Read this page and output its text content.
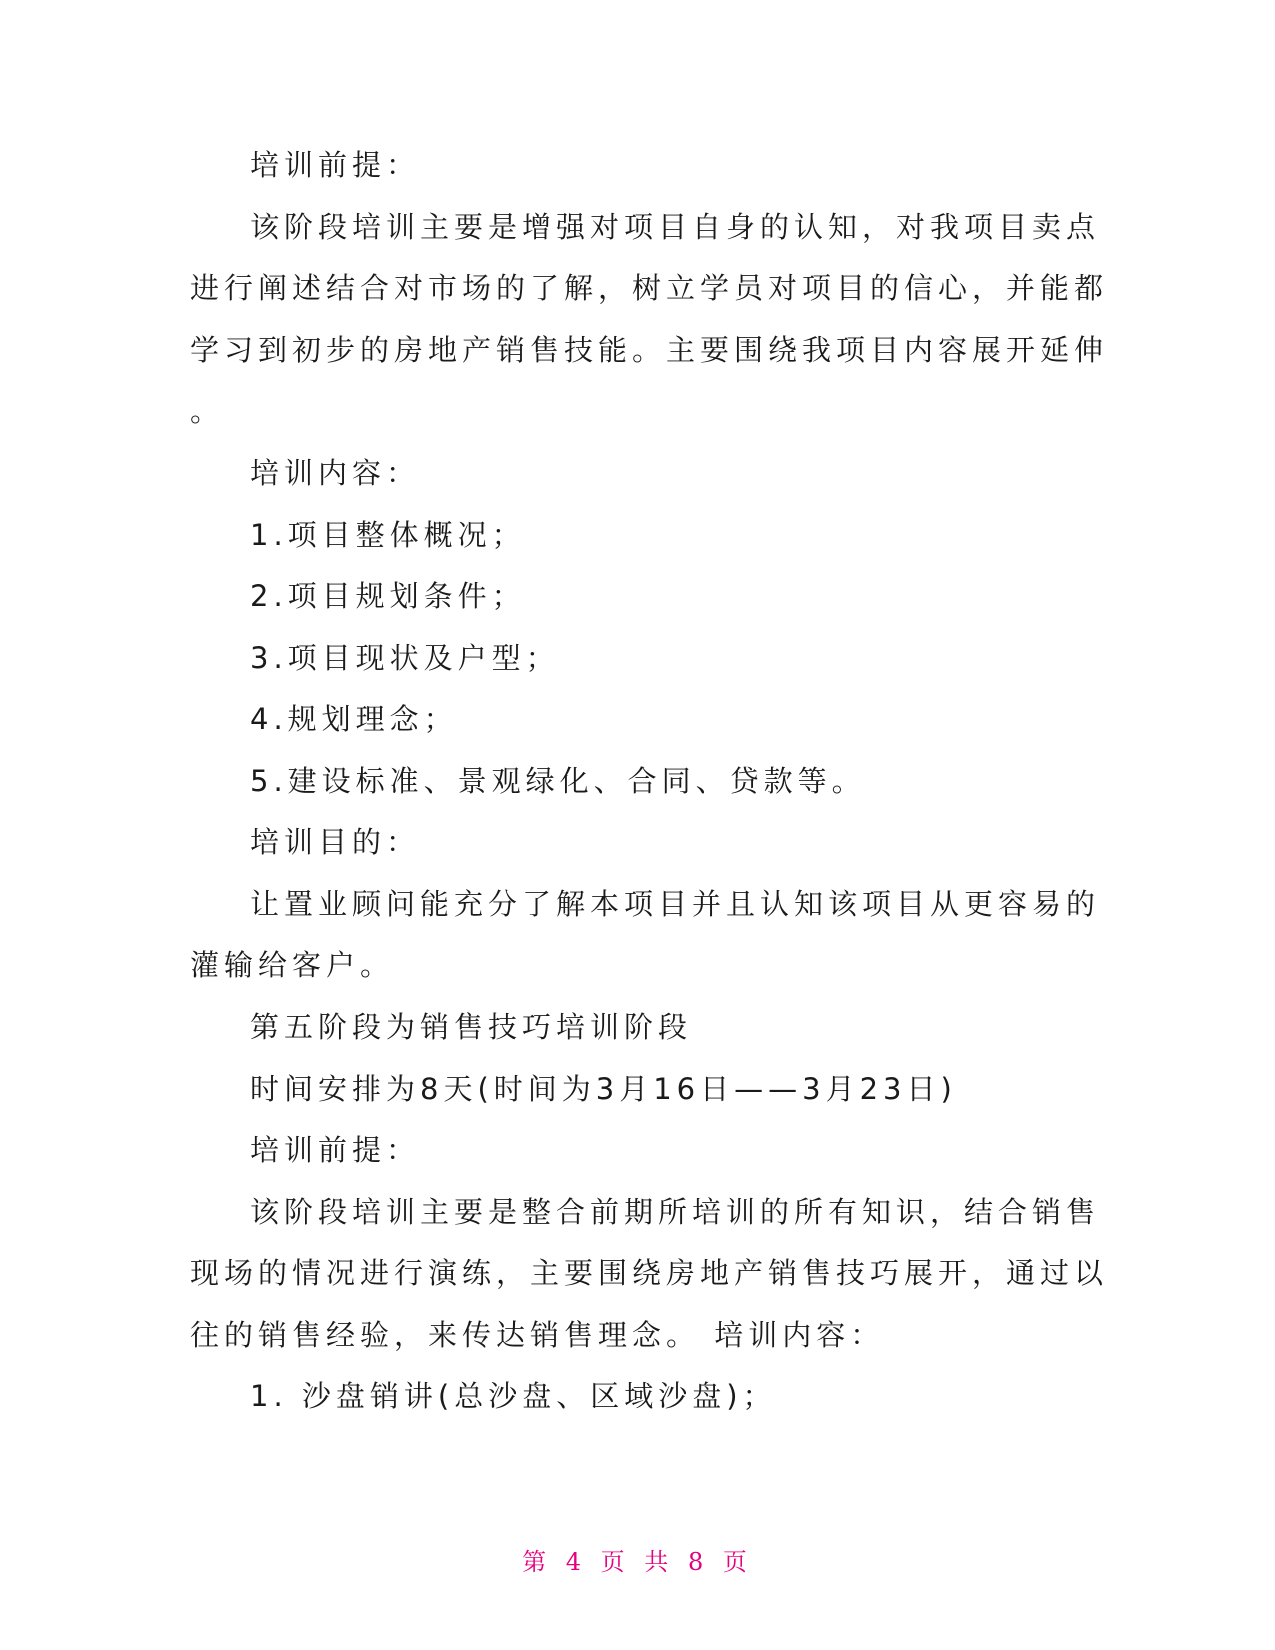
培训前提：
该阶段培训主要是增强对项目自身的认知，对我项目卖点
进行阐述结合对市场的了解，树立学员对项目的信心，并能都
学习到初步的房地产销售技能。主要围绕我项目内容展开延伸
。
培训内容：
1.项目整体概况；
2.项目规划条件；
3.项目现状及户型；
4.规划理念；
5.建设标准、景观绿化、合同、贷款等。
培训目的：
让置业顾问能充分了解本项目并且认知该项目从更容易的
灌输给客户。
第五阶段为销售技巧培训阶段
时间安排为8天(时间为3月16日——3月23日)
培训前提：
该阶段培训主要是整合前期所培训的所有知识，结合销售
现场的情况进行演练，主要围绕房地产销售技巧展开，通过以
往的销售经验，来传达销售理念。 培训内容：
1. 沙盘销讲(总沙盘、区域沙盘)；
第 4 页 共 8 页
